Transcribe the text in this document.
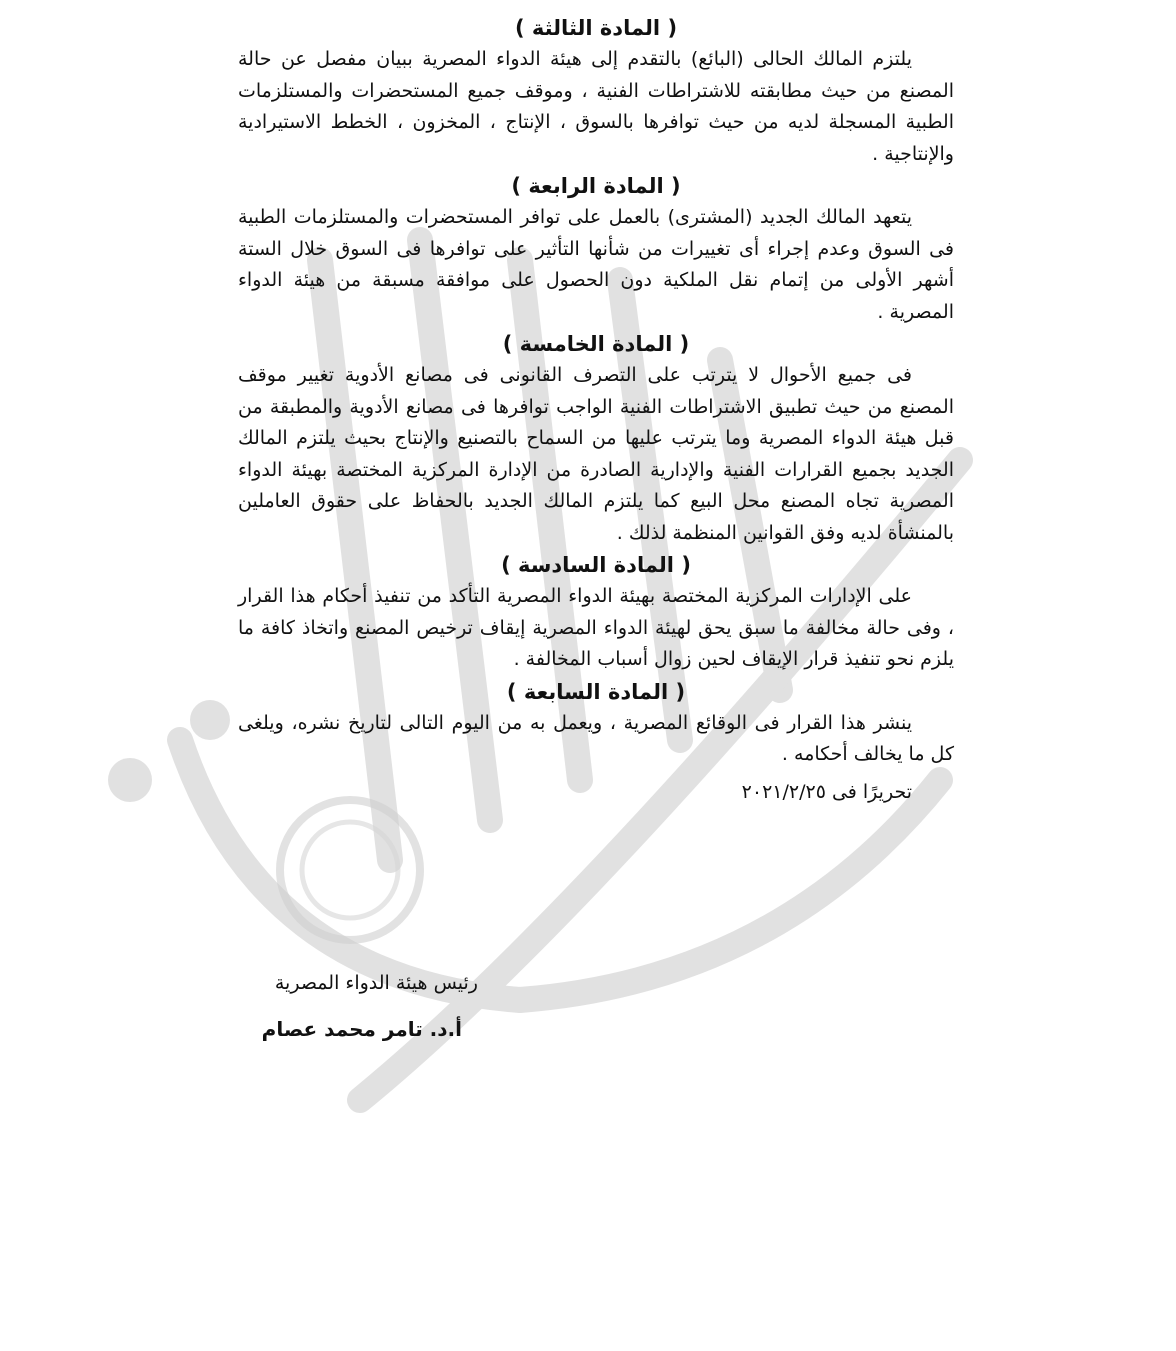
( المادة الثالثة )

يلتزم المالك الحالى (البائع) بالتقدم إلى هيئة الدواء المصرية ببيان مفصل عن حالة المصنع من حيث مطابقته للاشتراطات الفنية ، وموقف جميع المستحضرات والمستلزمات الطبية المسجلة لديه من حيث توافرها بالسوق ، الإنتاج ، المخزون ، الخطط الاستيرادية والإنتاجية .

( المادة الرابعة )

يتعهد المالك الجديد (المشترى) بالعمل على توافر المستحضرات والمستلزمات الطبية فى السوق وعدم إجراء أى تغييرات من شأنها التأثير على توافرها فى السوق خلال الستة أشهر الأولى من إتمام نقل الملكية دون الحصول على موافقة مسبقة من هيئة الدواء المصرية .

( المادة الخامسة )

فى جميع الأحوال لا يترتب على التصرف القانونى فى مصانع الأدوية تغيير موقف المصنع من حيث تطبيق الاشتراطات الفنية الواجب توافرها فى مصانع الأدوية والمطبقة من قبل هيئة الدواء المصرية وما يترتب عليها من السماح بالتصنيع والإنتاج بحيث يلتزم المالك الجديد بجميع القرارات الفنية والإدارية الصادرة من الإدارة المركزية المختصة بهيئة الدواء المصرية تجاه المصنع محل البيع كما يلتزم المالك الجديد بالحفاظ على حقوق العاملين بالمنشأة لديه وفق القوانين المنظمة لذلك .

( المادة السادسة )

على الإدارات المركزية المختصة بهيئة الدواء المصرية التأكد من تنفيذ أحكام هذا القرار ، وفى حالة مخالفة ما سبق يحق لهيئة الدواء المصرية إيقاف ترخيص المصنع واتخاذ كافة ما يلزم نحو تنفيذ قرار الإيقاف لحين زوال أسباب المخالفة .

( المادة السابعة )

ينشر هذا القرار فى الوقائع المصرية ، ويعمل به من اليوم التالى لتاريخ نشره، ويلغى كل ما يخالف أحكامه .

تحريرًا فى ٢٠٢١/٢/٢٥
رئيس هيئة الدواء المصرية
أ.د. تامر محمد عصام
